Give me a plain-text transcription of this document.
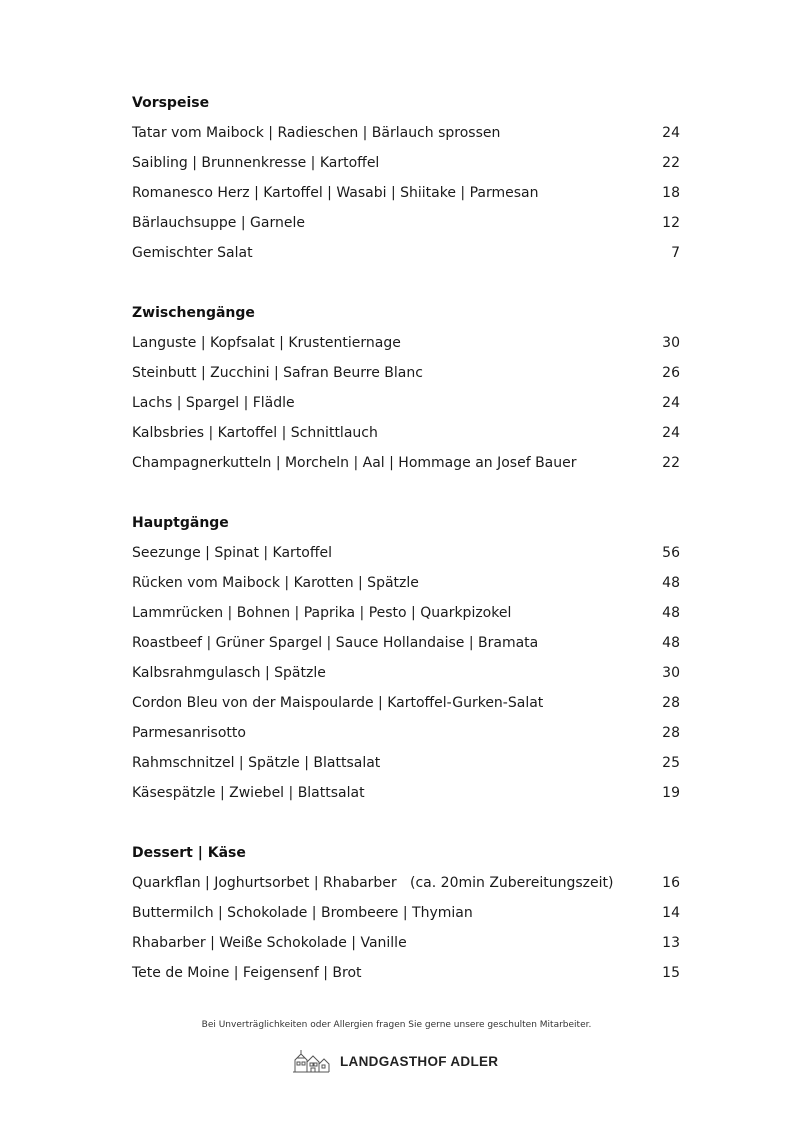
Vorspeise
Tatar vom Maibock | Radieschen | Bärlauch sprossen	24
Saibling | Brunnenkresse | Kartoffel	22
Romanesco Herz | Kartoffel | Wasabi | Shiitake | Parmesan	18
Bärlauchsuppe | Garnele	12
Gemischter Salat	7
Zwischengänge
Languste | Kopfsalat | Krustentiernage	30
Steinbutt | Zucchini | Safran Beurre Blanc	26
Lachs | Spargel | Flädle	24
Kalbsbries | Kartoffel | Schnittlauch	24
Champagnerkutteln | Morcheln | Aal | Hommage an Josef Bauer	22
Hauptgänge
Seezunge | Spinat | Kartoffel	56
Rücken vom Maibock | Karotten | Spätzle	48
Lammrücken | Bohnen | Paprika | Pesto | Quarkpizokel	48
Roastbeef | Grüner Spargel | Sauce Hollandaise | Bramata	48
Kalbsrahmgulasch | Spätzle	30
Cordon Bleu von der Maispoularde | Kartoffel-Gurken-Salat	28
Parmesanrisotto	28
Rahmschnitzel | Spätzle | Blattsalat	25
Käsespätzle | Zwiebel | Blattsalat	19
Dessert | Käse
Quarkflan | Joghurtsorbet | Rhabarber   (ca. 20min Zubereitungszeit)	16
Buttermilch | Schokolade | Brombeere | Thymian	14
Rhabarber | Weiße Schokolade | Vanille	13
Tete de Moine | Feigensenf | Brot	15
Bei Unverträglichkeiten oder Allergien fragen Sie gerne unsere geschulten Mitarbeiter.
LANDGASTHOF ADLER
